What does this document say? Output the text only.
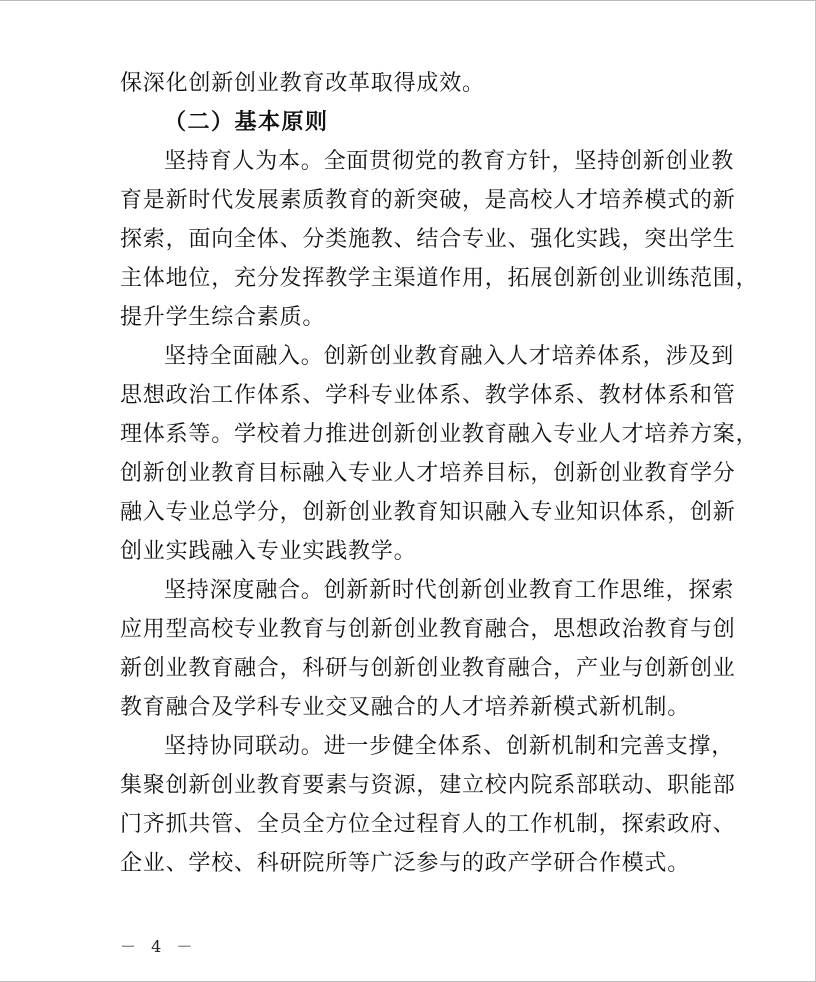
保深化创新创业教育改革取得成效。
（二）基本原则
坚持育人为本。全面贯彻党的教育方针，坚持创新创业教
育是新时代发展素质教育的新突破，是高校人才培养模式的新
探索，面向全体、分类施教、结合专业、强化实践，突出学生
主体地位，充分发挥教学主渠道作用，拓展创新创业训练范围，
提升学生综合素质。
坚持全面融入。创新创业教育融入人才培养体系，涉及到
思想政治工作体系、学科专业体系、教学体系、教材体系和管
理体系等。学校着力推进创新创业教育融入专业人才培养方案，
创新创业教育目标融入专业人才培养目标，创新创业教育学分
融入专业总学分，创新创业教育知识融入专业知识体系，创新
创业实践融入专业实践教学。
坚持深度融合。创新新时代创新创业教育工作思维，探索
应用型高校专业教育与创新创业教育融合，思想政治教育与创
新创业教育融合，科研与创新创业教育融合，产业与创新创业
教育融合及学科专业交叉融合的人才培养新模式新机制。
坚持协同联动。进一步健全体系、创新机制和完善支撑，
集聚创新创业教育要素与资源，建立校内院系部联动、职能部
门齐抓共管、全员全方位全过程育人的工作机制，探索政府、
企业、学校、科研院所等广泛参与的政产学研合作模式。
－ 4 －
